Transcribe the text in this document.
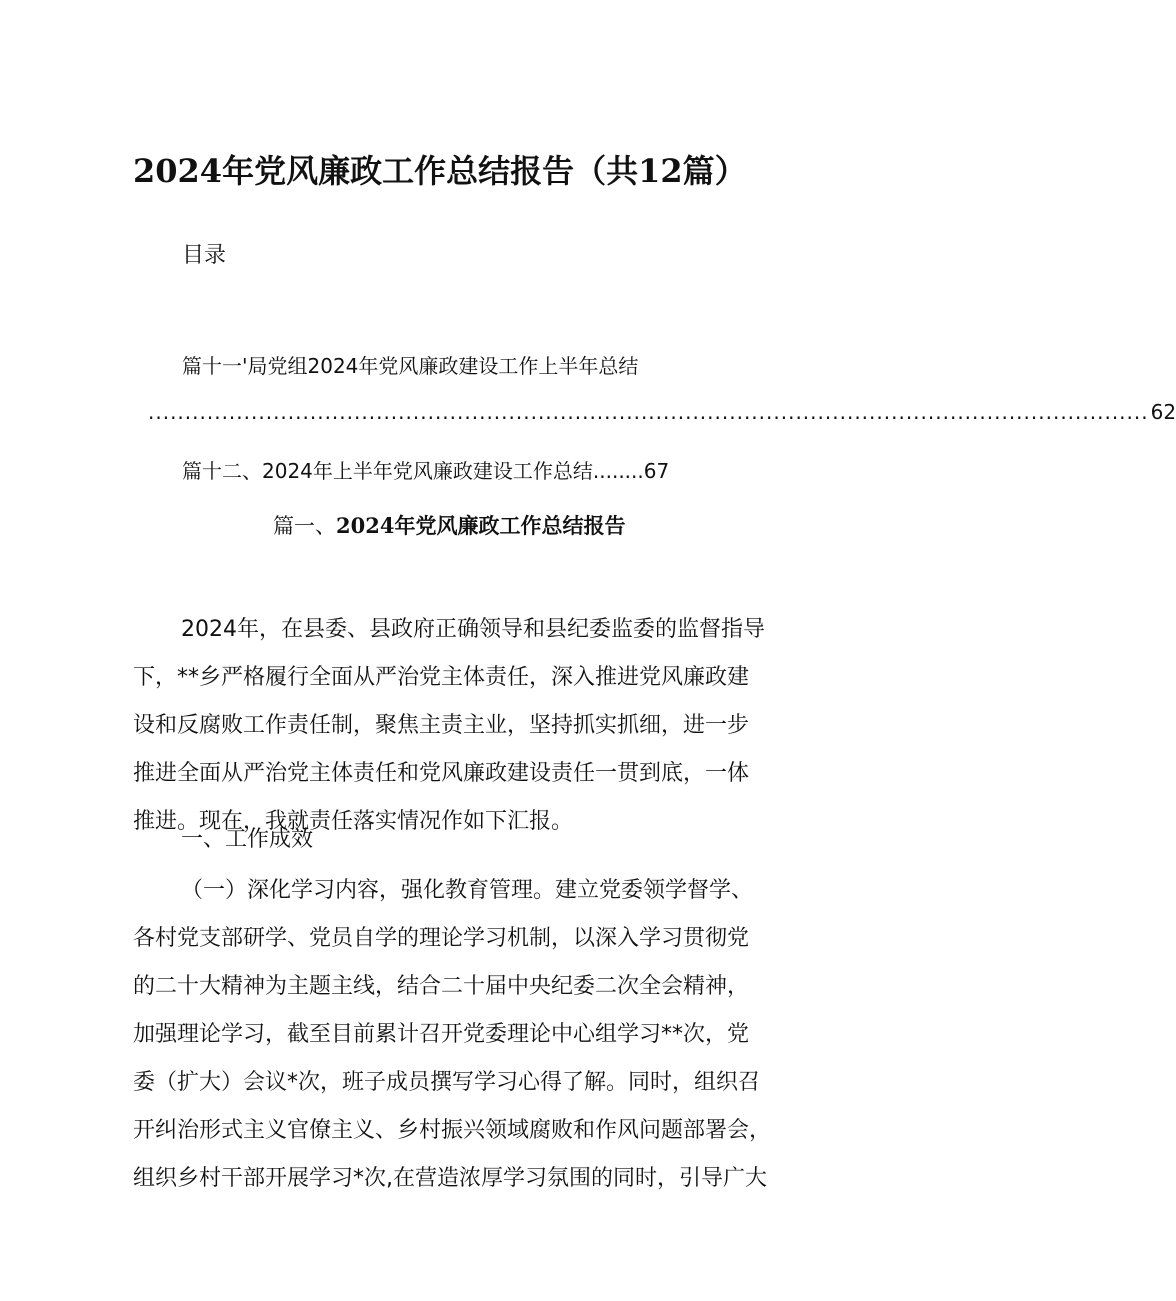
2024年党风廉政工作总结报告（共12篇）
目录
篇十一'局党组2024年党风廉政建设工作上半年总结
........................................................................................................................................ 62
篇十二、2024年上半年党风廉政建设工作总结........67
篇一、2024年党风廉政工作总结报告
2024年，在县委、县政府正确领导和县纪委监委的监督指导
下，**乡严格履行全面从严治党主体责任，深入推进党风廉政建
设和反腐败工作责任制，聚焦主责主业，坚持抓实抓细，进一步
推进全面从严治党主体责任和党风廉政建设责任一贯到底，一体
推进。现在，我就责任落实情况作如下汇报。
一、工作成效
（一）深化学习内容，强化教育管理。建立党委领学督学、
各村党支部研学、党员自学的理论学习机制，以深入学习贯彻党
的二十大精神为主题主线，结合二十届中央纪委二次全会精神，
加强理论学习，截至目前累计召开党委理论中心组学习**次，党
委（扩大）会议*次，班子成员撰写学习心得了解。同时，组织召
开纠治形式主义官僚主义、乡村振兴领域腐败和作风问题部署会，
组织乡村干部开展学习*次,在营造浓厚学习氛围的同时，引导广大
